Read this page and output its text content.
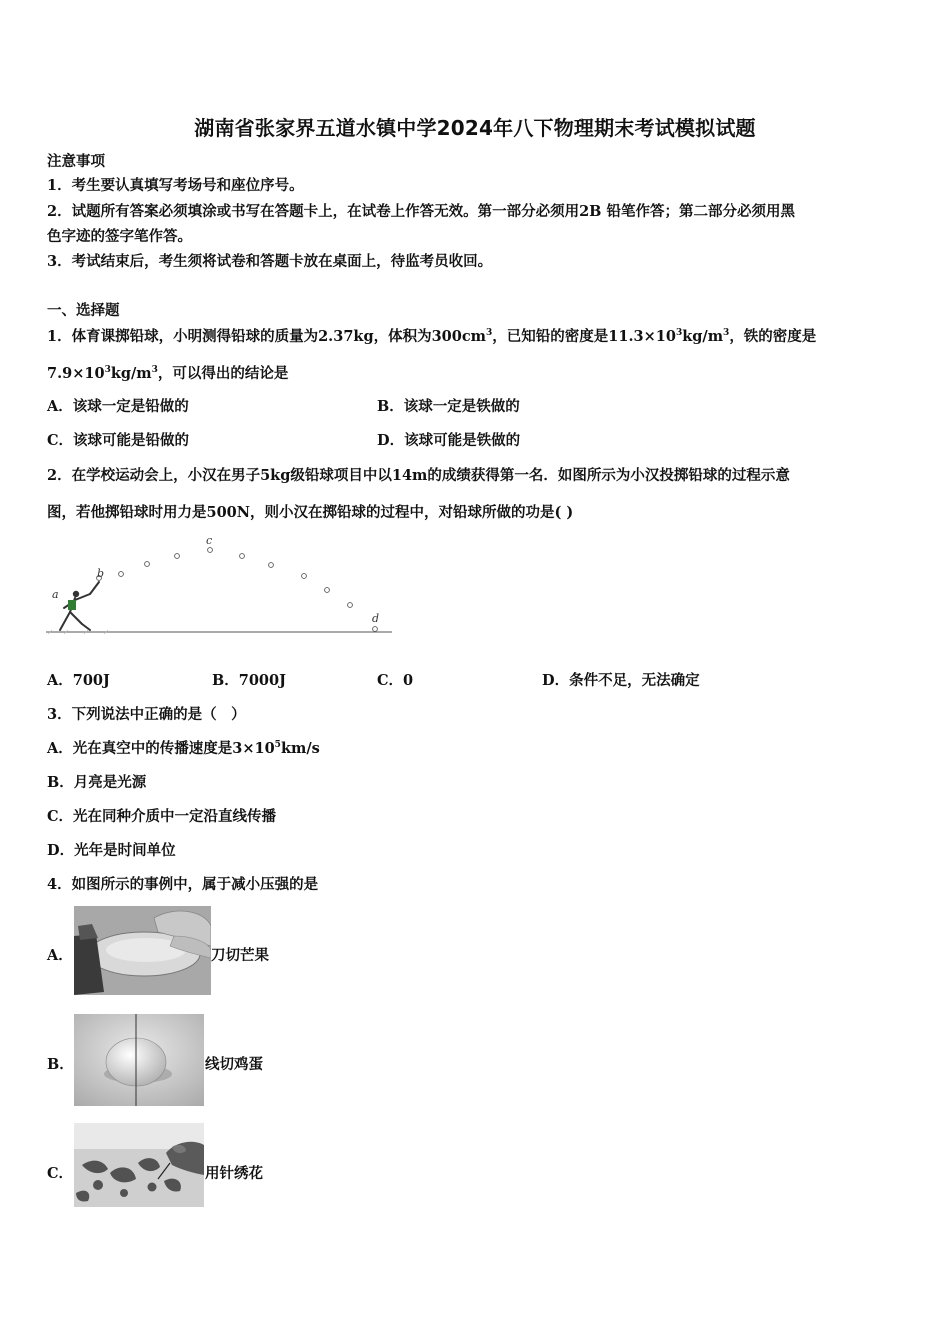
湖南省张家界五道水镇中学2024年八下物理期末考试模拟试题
注意事项
1．考生要认真填写考场号和座位序号。
2．试题所有答案必须填涂或书写在答题卡上，在试卷上作答无效。第一部分必须用2B 铅笔作答；第二部分必须用黑
色字迹的签字笔作答。
3．考试结束后，考生须将试卷和答题卡放在桌面上，待监考员收回。
一、选择题
1．体育课掷铅球，小明测得铅球的质量为2.37kg，体积为$300cm^3$，已知铅的密度是$11.3\times 10^3kg/m^3$，铁的密度是
$7.9\times 10^3kg/m^3$，可以得出的结论是
A．该球一定是铅做的	B．该球一定是铁做的
C．该球可能是铅做的	D．该球可能是铁做的
2．在学校运动会上，小汉在男子5kg级铅球项目中以14m的成绩获得第一名．如图所示为小汉投掷铅球的过程示意
图，若他掷铅球时用力是500N，则小汉在掷铅球的过程中，对铅球所做的功是( )
a
b
c
d
A．700J	B．7000J	C．0	D．条件不足，无法确定
3．下列说法中正确的是（　）
A．光在真空中的传播速度是$3\times 10^5km/s$
B．月亮是光源
C．光在同种介质中一定沿直线传播
D．光年是时间单位
4．如图所示的事例中，属于减小压强的是
A．	刀切芒果
B．	线切鸡蛋
C．	用针绣花
